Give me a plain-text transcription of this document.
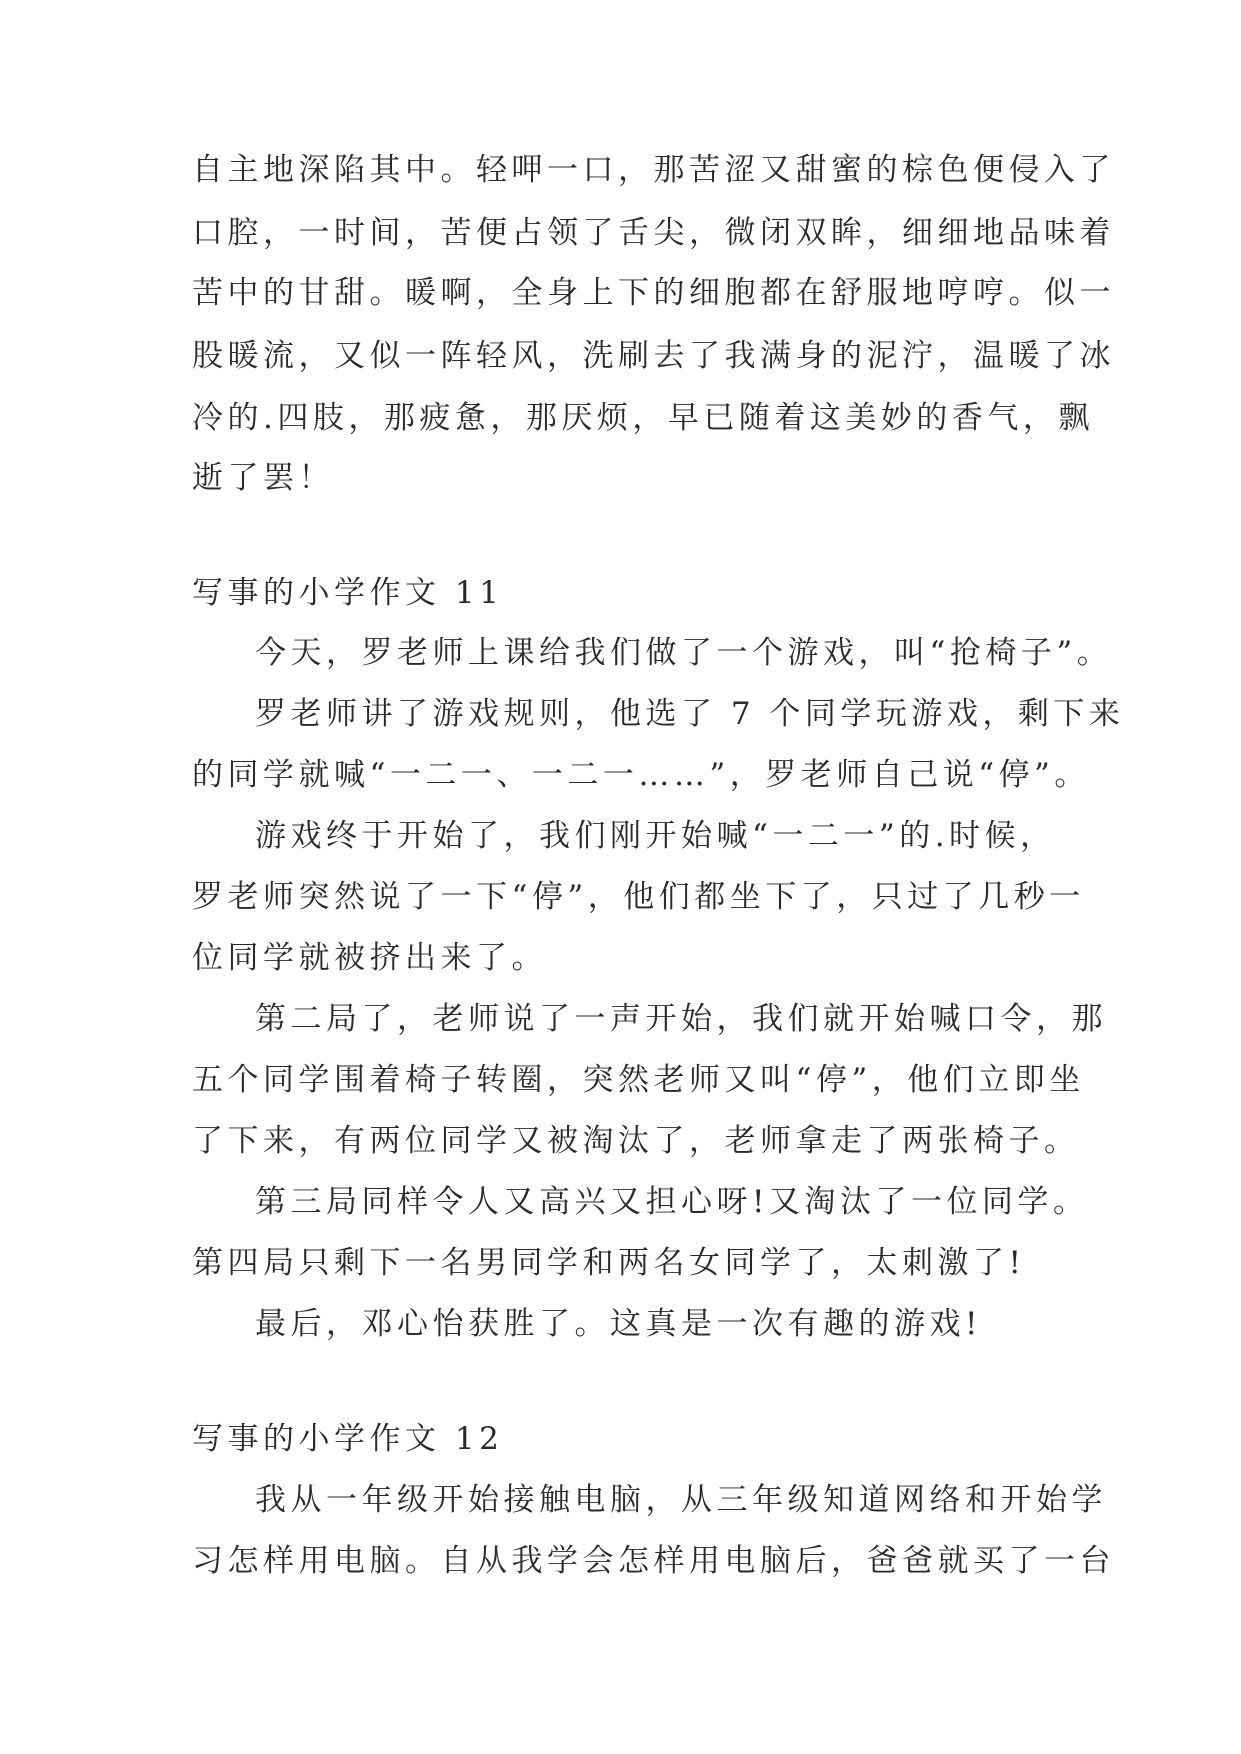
自主地深陷其中。轻呷一口，那苦涩又甜蜜的棕色便侵入了
口腔，一时间，苦便占领了舌尖，微闭双眸，细细地品味着
苦中的甘甜。暖啊，全身上下的细胞都在舒服地哼哼。似一
股暖流，又似一阵轻风，洗刷去了我满身的泥泞，温暖了冰
冷的.四肢，那疲惫，那厌烦，早已随着这美妙的香气，飘
逝了罢！
写事的小学作文 11
今天，罗老师上课给我们做了一个游戏，叫“抢椅子”。
罗老师讲了游戏规则，他选了 7 个同学玩游戏，剩下来
的同学就喊“一二一、一二一……”，罗老师自己说“停”。
游戏终于开始了，我们刚开始喊“一二一”的.时候，
罗老师突然说了一下“停”，他们都坐下了，只过了几秒一
位同学就被挤出来了。
第二局了，老师说了一声开始，我们就开始喊口令，那
五个同学围着椅子转圈，突然老师又叫“停”，他们立即坐
了下来，有两位同学又被淘汰了，老师拿走了两张椅子。
第三局同样令人又高兴又担心呀!又淘汰了一位同学。
第四局只剩下一名男同学和两名女同学了，太刺激了!
最后，邓心怡获胜了。这真是一次有趣的游戏!
写事的小学作文 12
我从一年级开始接触电脑，从三年级知道网络和开始学
习怎样用电脑。自从我学会怎样用电脑后，爸爸就买了一台
